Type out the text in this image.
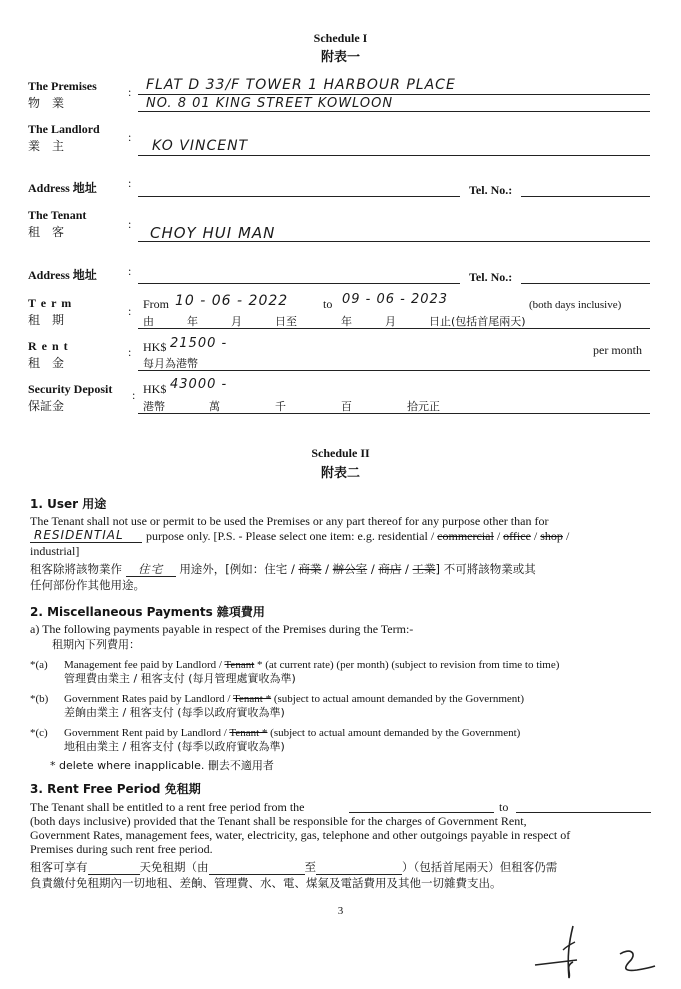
Schedule I
附表一
The Premises
物　業
: FLAT D 33/F TOWER 1 HARBOUR PLACE
NO. 8 01 KING STREET KOWLOON
The Landlord
業　主
:
KO VINCENT
Address 地址	:	Tel. No.:
The Tenant
租　客
: CHOY HUI MAN
Address 地址	:	Tel. No.:
T e r m
租　期
: From 10 - 06 - 2022	to 09 - 06 - 2023	(both days inclusive)
由　　　年　　　月　　　日至　　　　年　　　月　　　日止(包括首尾兩天)
R e n t
租　金
: HK$ 21500 -	per month
每月為港幣
Security Deposit
保証金
: HK$ 43000 -
港幣　　　　萬　　　　　千　　　　　百　　　　　拾元正
Schedule II
附表二
1. User 用途
The Tenant shall not use or permit to be used the Premises or any part thereof for any purpose other than for
RESIDENTIAL purpose only. [P.S. - Please select one item: e.g. residential / commercial / office / shop /
industrial]
租客除將該物業作 住宅 用途外，[例如：住宅 / 商業 / 辦公室 / 商店 / 工業] 不可將該物業或其
任何部份作其他用途。
2. Miscellaneous Payments 雜項費用
a) The following payments payable in respect of the Premises during the Term:-
租期內下列費用：
*(a) Management fee paid by Landlord / Tenant * (at current rate) (per month) (subject to revision from time to time)
管理費由業主 / 租客支付 (每月管理處實收為準)
*(b) Government Rates paid by Landlord / Tenant * (subject to actual amount demanded by the Government)
差餉由業主 / 租客支付 (每季以政府實收為準)
*(c) Government Rent paid by Landlord / Tenant * (subject to actual amount demanded by the Government)
地租由業主 / 租客支付 (每季以政府實收為準)
* delete where inapplicable. 刪去不適用者
3. Rent Free Period 免租期
The Tenant shall be entitled to a rent free period from the	to
(both days inclusive) provided that the Tenant shall be responsible for the charges of Government Rent,
Government Rates, management fees, water, electricity, gas, telephone and other outgoings payable in respect of
Premises during such rent free period.
租客可享有	天免租期（由	至	）（包括首尾兩天）但租客仍需
負責繳付免租期內一切地租、差餉、管理費、水、電、煤氣及電話費用及其他一切雜費支出。
3
